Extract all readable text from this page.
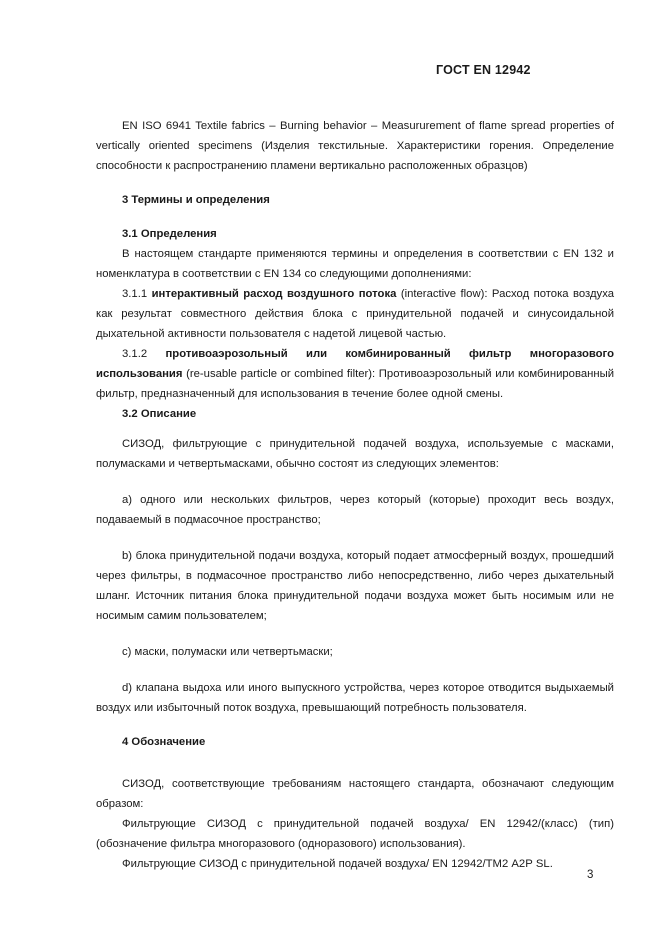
ГОСТ EN 12942

EN ISO 6941 Textile fabrics – Burning behavior – Measururement of flame spread properties of vertically oriented specimens (Изделия текстильные. Характеристики горения. Определение способности к распространению пламени вертикально расположенных образцов)

3 Термины и определения

3.1 Определения

В настоящем стандарте применяются термины и определения в соответствии с EN 132 и номенклатура в соответствии с EN 134 со следующими дополнениями:

3.1.1 интерактивный расход воздушного потока (interactive flow): Расход потока воздуха как результат совместного действия блока с принудительной подачей и синусоидальной дыхательной активности пользователя с надетой лицевой частью.

3.1.2 противоаэрозольный или комбинированный фильтр многоразового использования (re-usable particle or combined filter): Противоаэрозольный или комбинированный фильтр, предназначенный для использования в течение более одной смены.

3.2 Описание

СИЗОД, фильтрующие с принудительной подачей воздуха, используемые с масками, полумасками и четвертьмасками, обычно состоят из следующих элементов:

a) одного или нескольких фильтров, через который (которые) проходит весь воздух, подаваемый в подмасочное пространство;

b) блока принудительной подачи воздуха, который подает атмосферный воздух, прошедший через фильтры, в подмасочное пространство либо непосредственно, либо через дыхательный шланг. Источник питания блока принудительной подачи воздуха может быть носимым или не носимым самим пользователем;

c) маски, полумаски или четвертьмаски;

d) клапана выдоха или иного выпускного устройства, через которое отводится выдыхаемый воздух или избыточный поток воздуха, превышающий потребность пользователя.

4 Обозначение

СИЗОД, соответствующие требованиям настоящего стандарта, обозначают следующим образом:

Фильтрующие СИЗОД с принудительной подачей воздуха/ EN 12942/(класс) (тип) (обозначение фильтра многоразового (одноразового) использования).

Фильтрующие СИЗОД с принудительной подачей воздуха/ EN 12942/ТМ2 А2Р SL.

3
